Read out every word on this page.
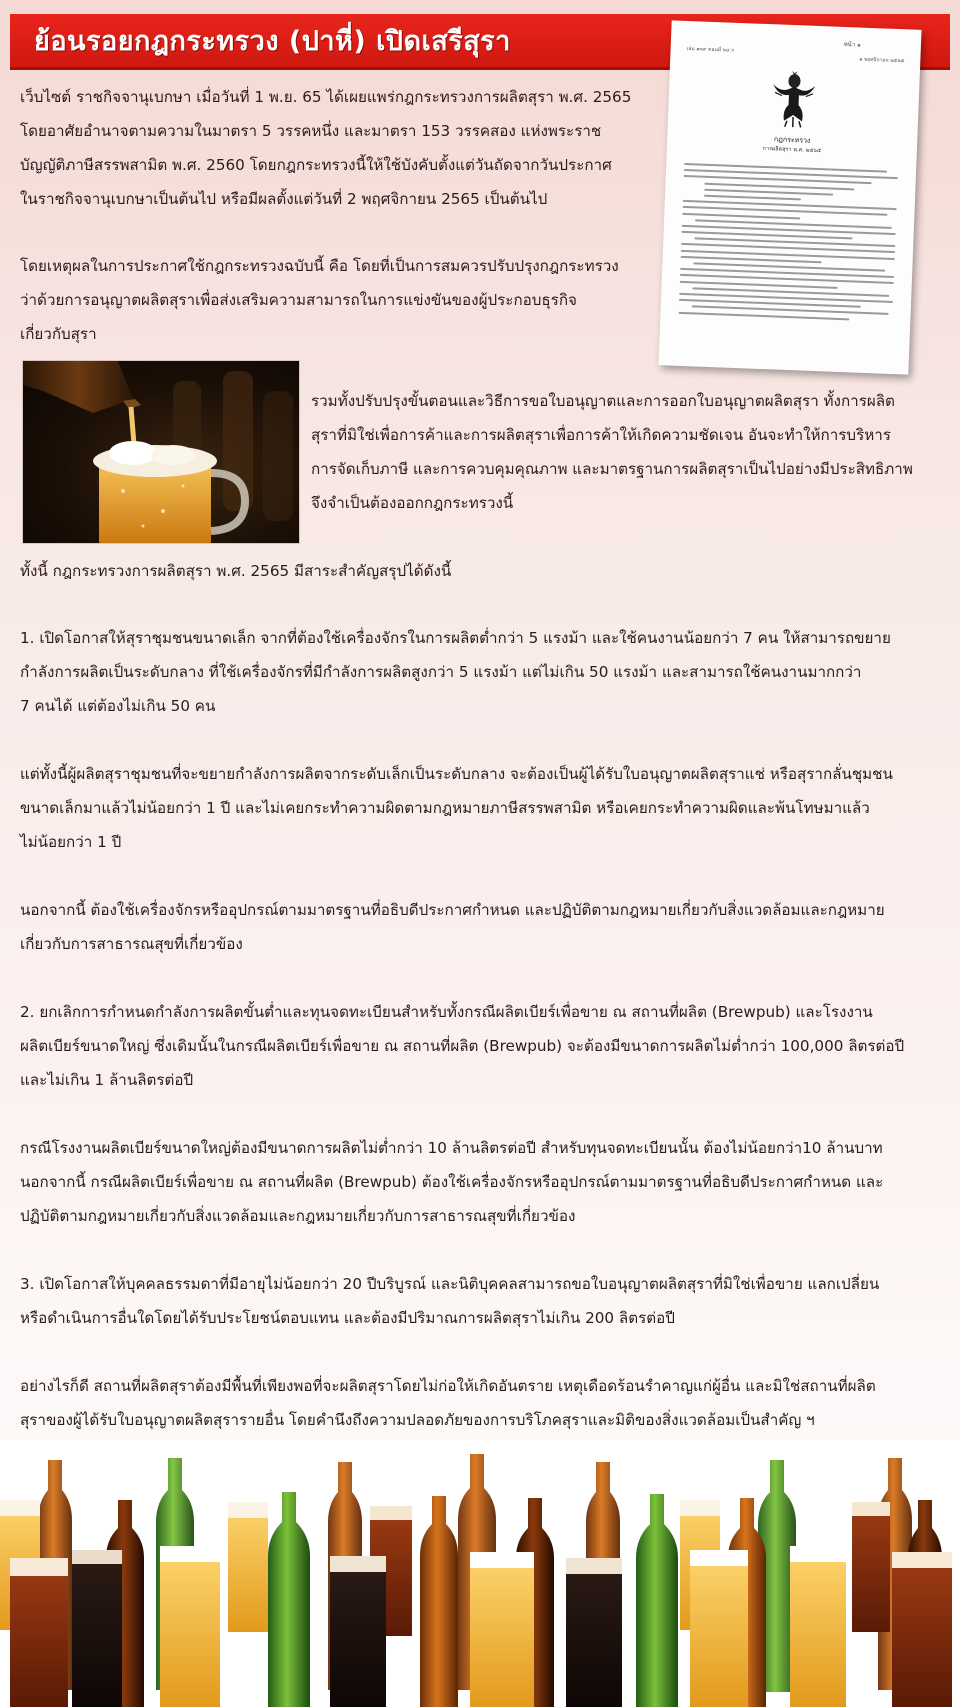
ย้อนรอยกฎกระทรวง (ปาหี่) เปิดเสรีสุรา
เว็บไซต์ ราชกิจจานุเบกษา เมื่อวันที่ 1 พ.ย. 65 ได้เผยแพร่กฎกระทรวงการผลิตสุรา พ.ศ. 2565
โดยอาศัยอำนาจตามความในมาตรา 5 วรรคหนึ่ง และมาตรา 153 วรรคสอง แห่งพระราช
บัญญัติภาษีสรรพสามิต พ.ศ. 2560 โดยกฎกระทรวงนี้ให้ใช้บังคับตั้งแต่วันถัดจากวันประกาศ
ในราชกิจจานุเบกษาเป็นต้นไป หรือมีผลตั้งแต่วันที่ 2 พฤศจิกายน 2565 เป็นต้นไป
โดยเหตุผลในการประกาศใช้กฎกระทรวงฉบับนี้ คือ โดยที่เป็นการสมควรปรับปรุงกฎกระทรวง
ว่าด้วยการอนุญาตผลิตสุราเพื่อส่งเสริมความสามารถในการแข่งขันของผู้ประกอบธุรกิจ
เกี่ยวกับสุรา
หน้า ๑
เล่ม ๑๓๙ ตอนที่ ๖๔ ก
๑ พฤศจิกายน ๒๕๖๕
กฎกระทรวง
การผลิตสุรา พ.ศ. ๒๕๖๕
รวมทั้งปรับปรุงขั้นตอนและวิธีการขอใบอนุญาตและการออกใบอนุญาตผลิตสุรา ทั้งการผลิต
สุราที่มิใช่เพื่อการค้าและการผลิตสุราเพื่อการค้าให้เกิดความชัดเจน อันจะทำให้การบริหาร
การจัดเก็บภาษี และการควบคุมคุณภาพ และมาตรฐานการผลิตสุราเป็นไปอย่างมีประสิทธิภาพ
จึงจำเป็นต้องออกกฎกระทรวงนี้
ทั้งนี้ กฎกระทรวงการผลิตสุรา พ.ศ. 2565 มีสาระสำคัญสรุปได้ดังนี้
1. เปิดโอกาสให้สุราชุมชนขนาดเล็ก จากที่ต้องใช้เครื่องจักรในการผลิตต่ำกว่า 5 แรงม้า และใช้คนงานน้อยกว่า 7 คน ให้สามารถขยาย
กำลังการผลิตเป็นระดับกลาง ที่ใช้เครื่องจักรที่มีกำลังการผลิตสูงกว่า 5 แรงม้า แต่ไม่เกิน 50 แรงม้า และสามารถใช้คนงานมากกว่า
7 คนได้ แต่ต้องไม่เกิน 50 คน
แต่ทั้งนี้ผู้ผลิตสุราชุมชนที่จะขยายกำลังการผลิตจากระดับเล็กเป็นระดับกลาง จะต้องเป็นผู้ได้รับใบอนุญาตผลิตสุราแช่ หรือสุรากลั่นชุมชน
ขนาดเล็กมาแล้วไม่น้อยกว่า 1 ปี และไม่เคยกระทำความผิดตามกฎหมายภาษีสรรพสามิต หรือเคยกระทำความผิดและพ้นโทษมาแล้ว
ไม่น้อยกว่า 1 ปี
นอกจากนี้ ต้องใช้เครื่องจักรหรืออุปกรณ์ตามมาตรฐานที่อธิบดีประกาศกำหนด และปฏิบัติตามกฎหมายเกี่ยวกับสิ่งแวดล้อมและกฎหมาย
เกี่ยวกับการสาธารณสุขที่เกี่ยวข้อง
2. ยกเลิกการกำหนดกำลังการผลิตขั้นต่ำและทุนจดทะเบียนสำหรับทั้งกรณีผลิตเบียร์เพื่อขาย ณ สถานที่ผลิต (Brewpub) และโรงงาน
ผลิตเบียร์ขนาดใหญ่ ซึ่งเดิมนั้นในกรณีผลิตเบียร์เพื่อขาย ณ สถานที่ผลิต (Brewpub) จะต้องมีขนาดการผลิตไม่ต่ำกว่า 100,000 ลิตรต่อปี
และไม่เกิน 1 ล้านลิตรต่อปี
กรณีโรงงานผลิตเบียร์ขนาดใหญ่ต้องมีขนาดการผลิตไม่ต่ำกว่า 10 ล้านลิตรต่อปี สำหรับทุนจดทะเบียนนั้น ต้องไม่น้อยกว่า10 ล้านบาท
นอกจากนี้ กรณีผลิตเบียร์เพื่อขาย ณ สถานที่ผลิต (Brewpub) ต้องใช้เครื่องจักรหรืออุปกรณ์ตามมาตรฐานที่อธิบดีประกาศกำหนด และ
ปฏิบัติตามกฎหมายเกี่ยวกับสิ่งแวดล้อมและกฎหมายเกี่ยวกับการสาธารณสุขที่เกี่ยวข้อง
3. เปิดโอกาสให้บุคคลธรรมดาที่มีอายุไม่น้อยกว่า 20 ปีบริบูรณ์ และนิติบุคคลสามารถขอใบอนุญาตผลิตสุราที่มิใช่เพื่อขาย แลกเปลี่ยน
หรือดำเนินการอื่นใดโดยได้รับประโยชน์ตอบแทน และต้องมีปริมาณการผลิตสุราไม่เกิน 200 ลิตรต่อปี
อย่างไรก็ดี สถานที่ผลิตสุราต้องมีพื้นที่เพียงพอที่จะผลิตสุราโดยไม่ก่อให้เกิดอันตราย เหตุเดือดร้อนรำคาญแก่ผู้อื่น และมิใช่สถานที่ผลิต
สุราของผู้ได้รับใบอนุญาตผลิตสุรารายอื่น โดยคำนึงถึงความปลอดภัยของการบริโภคสุราและมิติของสิ่งแวดล้อมเป็นสำคัญ ฯ
